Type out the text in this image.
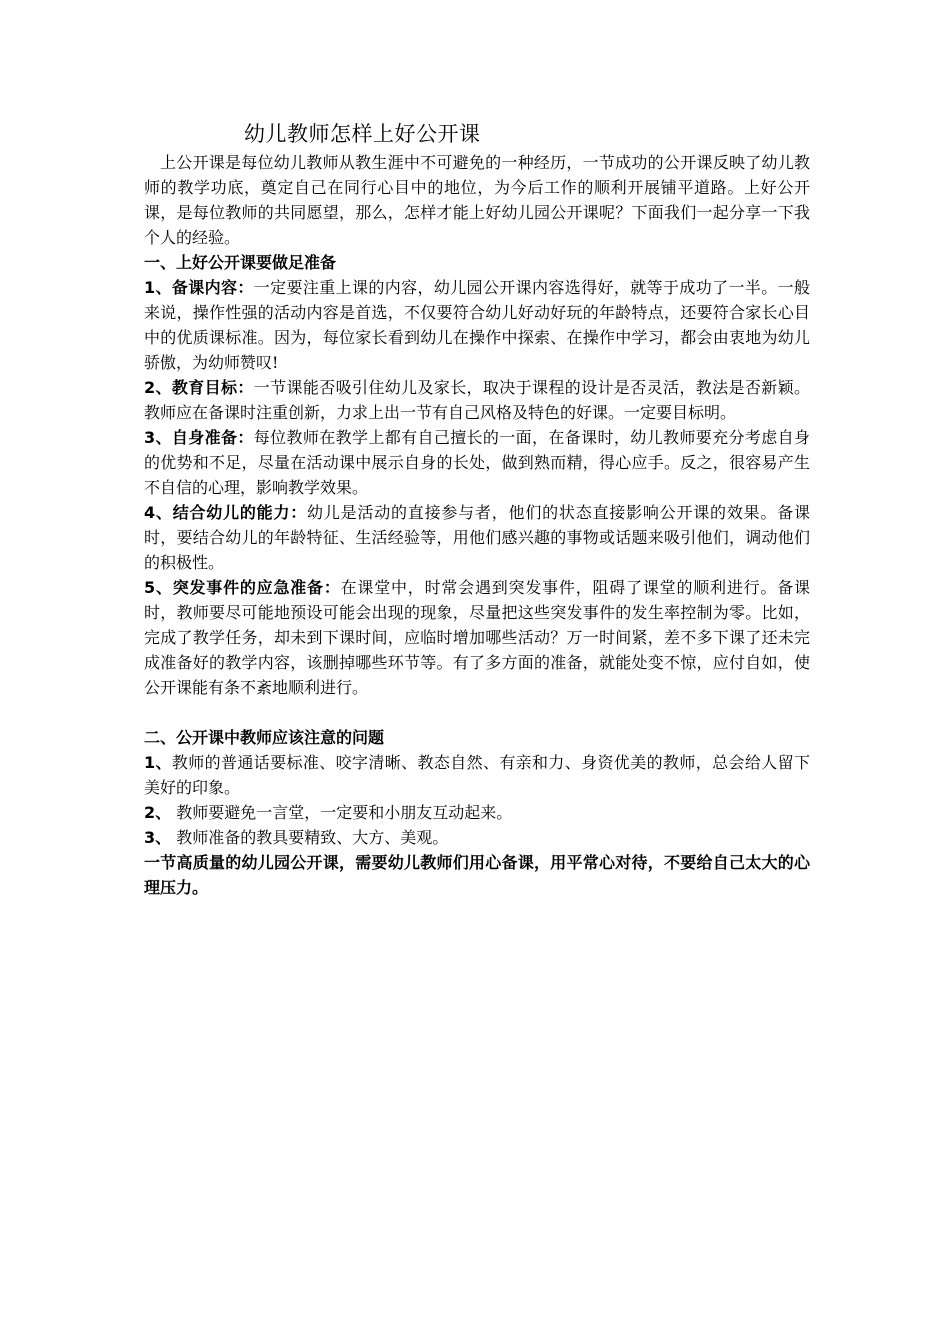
幼儿教师怎样上好公开课

上公开课是每位幼儿教师从教生涯中不可避免的一种经历，一节成功的公开课反映了幼儿教师的教学功底，奠定自己在同行心目中的地位，为今后工作的顺利开展铺平道路。上好公开课，是每位教师的共同愿望，那么，怎样才能上好幼儿园公开课呢？下面我们一起分享一下我个人的经验。

一、上好公开课要做足准备

1、备课内容：一定要注重上课的内容，幼儿园公开课内容选得好，就等于成功了一半。一般来说，操作性强的活动内容是首选，不仅要符合幼儿好动好玩的年龄特点，还要符合家长心目中的优质课标准。因为，每位家长看到幼儿在操作中探索、在操作中学习，都会由衷地为幼儿骄傲，为幼师赞叹!

2、教育目标：一节课能否吸引住幼儿及家长，取决于课程的设计是否灵活，教法是否新颖。教师应在备课时注重创新，力求上出一节有自己风格及特色的好课。一定要目标明。

3、自身准备：每位教师在教学上都有自己擅长的一面，在备课时，幼儿教师要充分考虑自身的优势和不足，尽量在活动课中展示自身的长处，做到熟而精，得心应手。反之，很容易产生不自信的心理，影响教学效果。

4、结合幼儿的能力：幼儿是活动的直接参与者，他们的状态直接影响公开课的效果。备课时，要结合幼儿的年龄特征、生活经验等，用他们感兴趣的事物或话题来吸引他们，调动他们的积极性。

5、突发事件的应急准备：在课堂中，时常会遇到突发事件，阻碍了课堂的顺利进行。备课时，教师要尽可能地预设可能会出现的现象，尽量把这些突发事件的发生率控制为零。比如，完成了教学任务，却未到下课时间，应临时增加哪些活动？万一时间紧，差不多下课了还未完成准备好的教学内容，该删掉哪些环节等。有了多方面的准备，就能处变不惊，应付自如，使公开课能有条不紊地顺利进行。

二、公开课中教师应该注意的问题

1、教师的普通话要标准、咬字清晰、教态自然、有亲和力、身资优美的教师，总会给人留下美好的印象。

2、 教师要避免一言堂，一定要和小朋友互动起来。

3、 教师准备的教具要精致、大方、美观。

一节高质量的幼儿园公开课，需要幼儿教师们用心备课，用平常心对待，不要给自己太大的心理压力。
